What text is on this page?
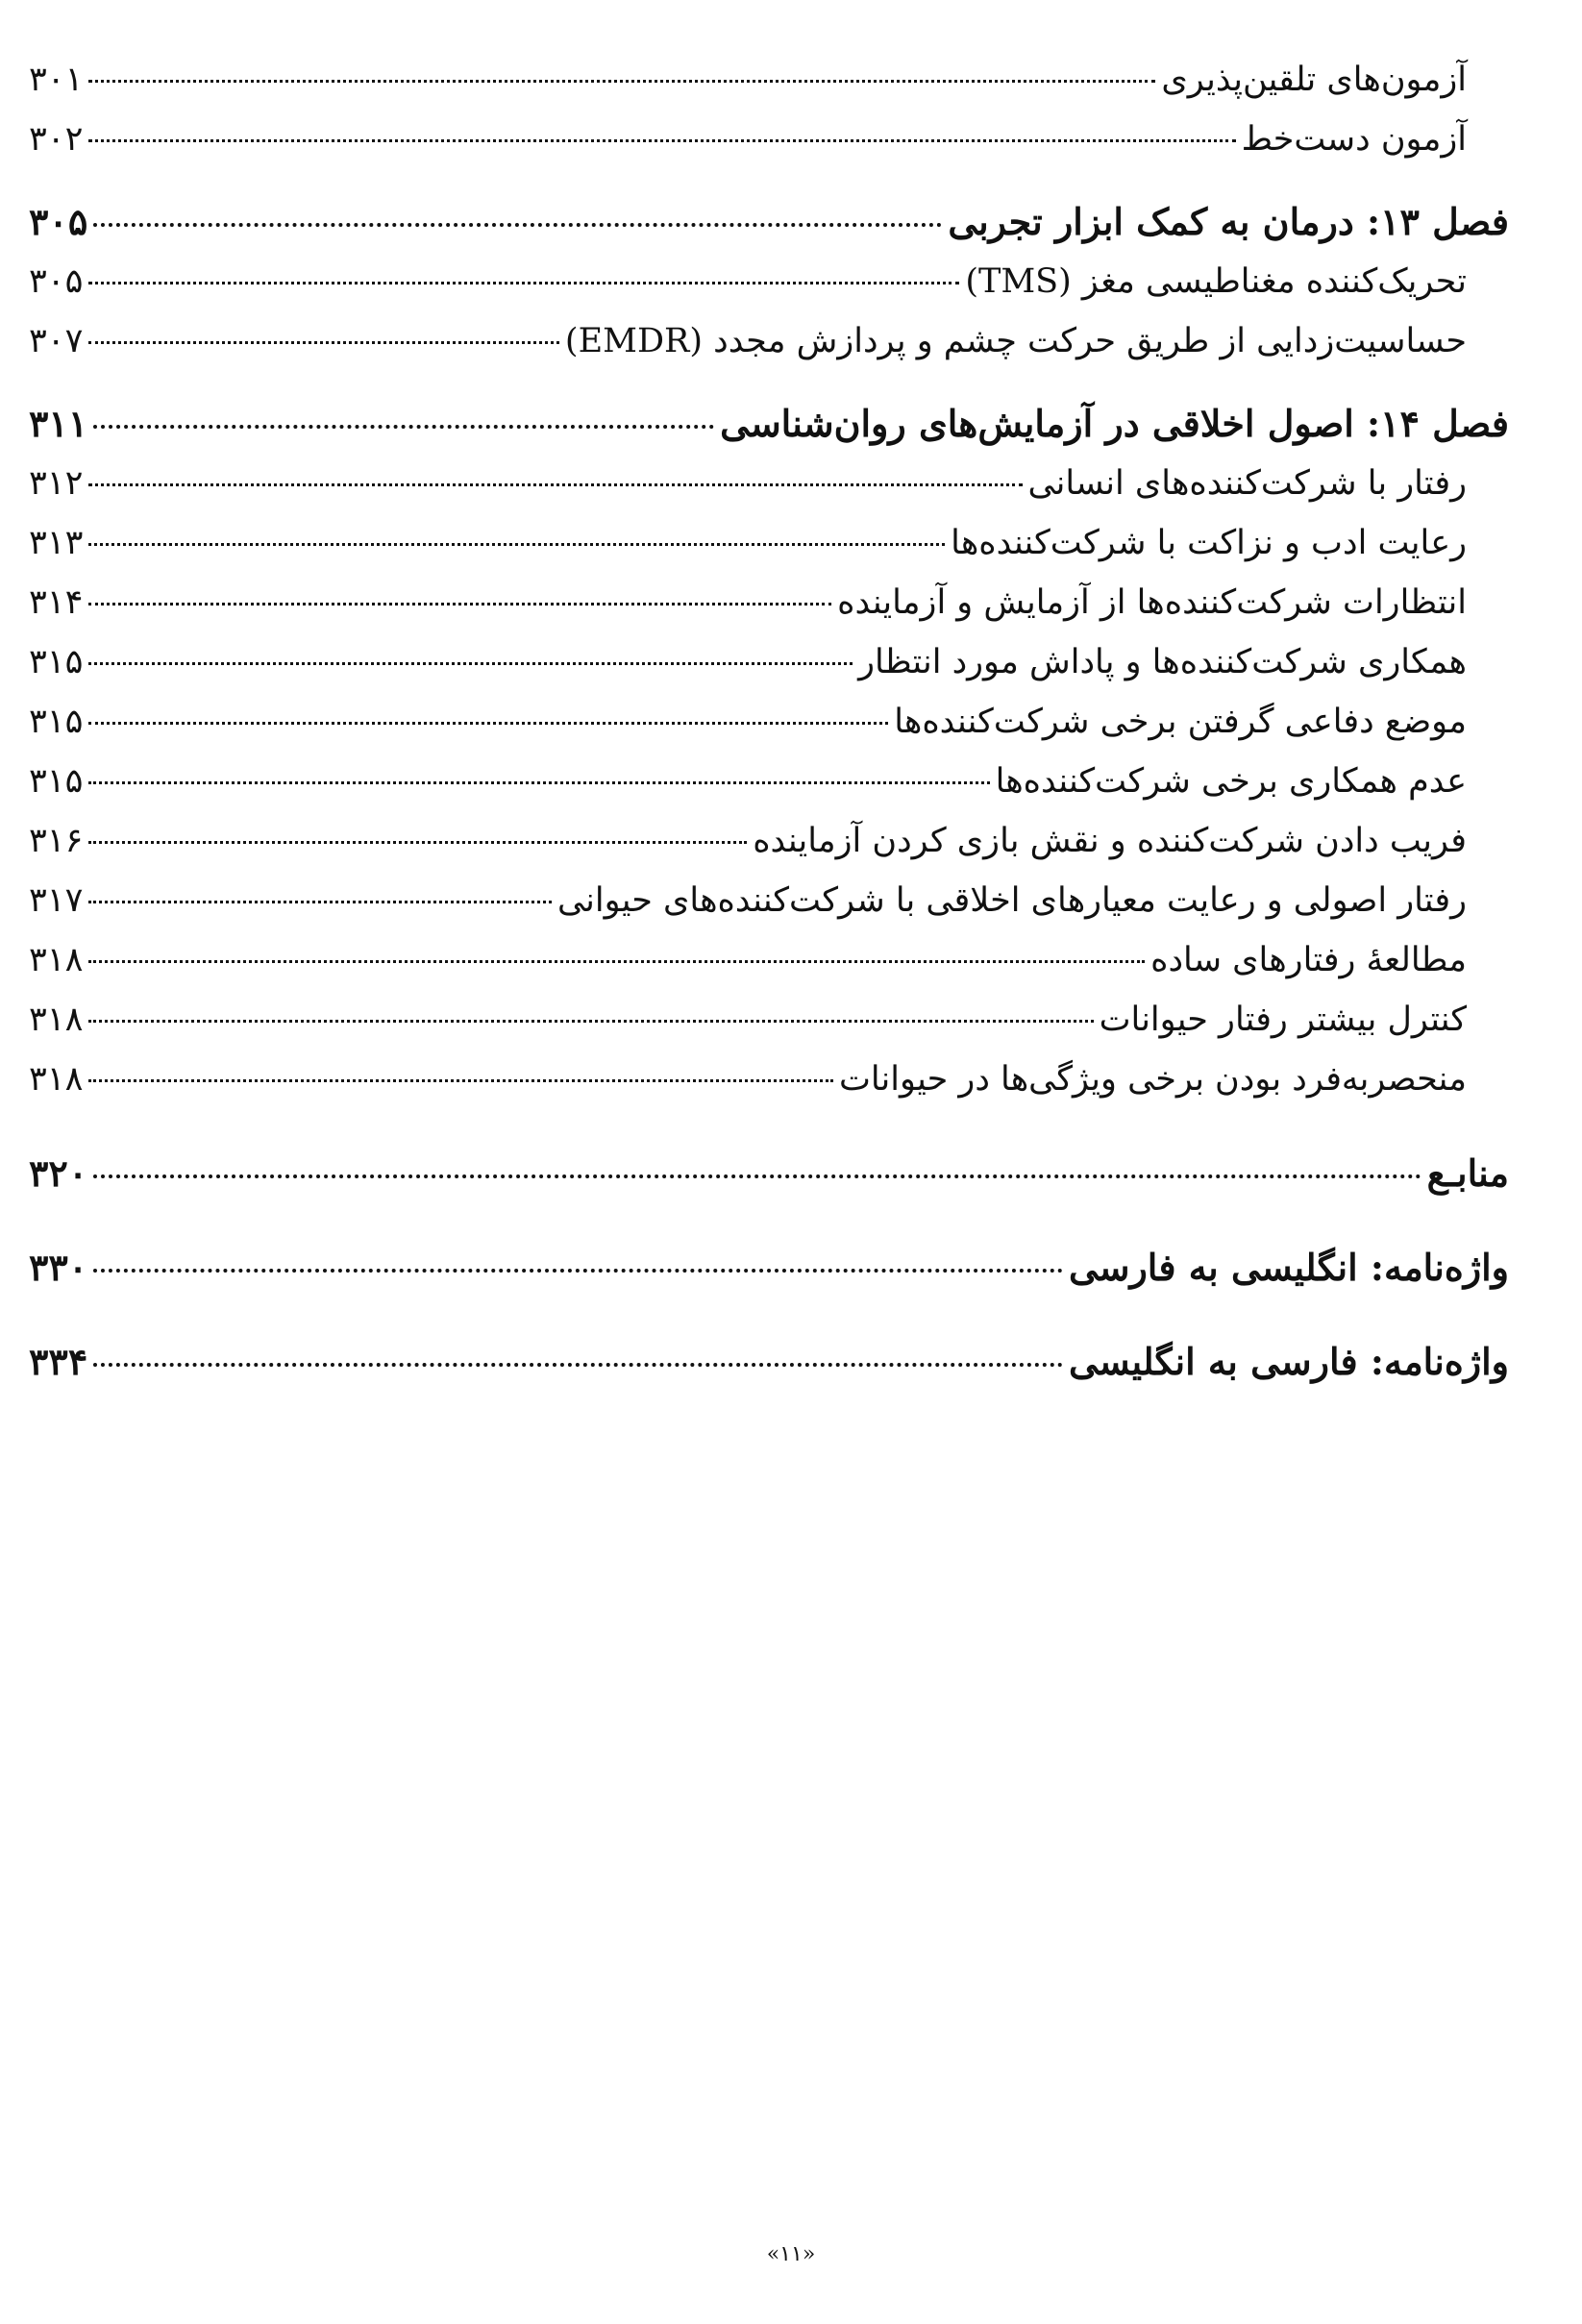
آزمون‌های تلقین‌پذیری
۳۰۱
آزمون دست‌خط
۳۰۲
فصل ۱۳: درمان به کمک ابزار تجربی
۳۰۵
تحریک‌کننده مغناطیسی مغز (TMS)
۳۰۵
حساسیت‌زدایی از طریق حرکت چشم و پردازش مجدد (EMDR)
۳۰۷
فصل ۱۴: اصول اخلاقی در آزمایش‌های روان‌شناسی
۳۱۱
رفتار با شرکت‌کننده‌های انسانی
۳۱۲
رعایت ادب و نزاکت با شرکت‌کننده‌ها
۳۱۳
انتظارات شرکت‌کننده‌ها از آزمایش و آزماینده
۳۱۴
همکاری شرکت‌کننده‌ها و پاداش مورد انتظار
۳۱۵
موضع دفاعی گرفتن برخی شرکت‌کننده‌ها
۳۱۵
عدم همکاری برخی شرکت‌کننده‌ها
۳۱۵
فریب دادن شرکت‌کننده و نقش بازی کردن آزماینده
۳۱۶
رفتار اصولی و رعایت معیارهای اخلاقی با شرکت‌کننده‌های حیوانی
۳۱۷
مطالعهٔ رفتارهای ساده
۳۱۸
کنترل بیشتر رفتار حیوانات
۳۱۸
منحصربه‌فرد بودن برخی ویژگی‌ها در حیوانات
۳۱۸
منابـع
۳۲۰
واژه‌نامه: انگلیسی به فارسی
۳۳۰
واژه‌نامه: فارسی به انگلیسی
۳۳۴
«۱۱»
